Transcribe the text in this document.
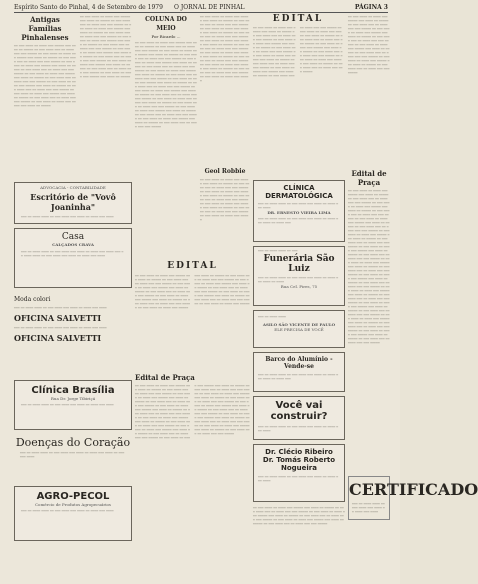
Espírito Santo do Pinhal, 4 de Setembro de 1979 O JORNAL DE PINHAL	PÁGINA 3
Antigas Famílias Pinhalenses
━━ ━━━ ━━━━ ━━ ━━━━ ━━━ ━━━━━ ━━━ ━━━━ ━━ ━━━━━ ━━ ━━━ ━━━━ ━━━ ━━ ━━━━ ━━━ ━━━ ━━━━━ ━━ ━━━ ━━━━ ━━ ━━━━ ━━━ ━━━━━ ━━━ ━━━━ ━━ ━━━━━ ━━ ━━━ ━━━━ ━━━ ━━ ━━━━ ━━━ ━━━ ━━━━━ ━━ ━━━ ━━━━ ━━ ━━━━ ━━━ ━━━━━ ━━━ ━━━━ ━━ ━━━━━ ━━ ━━━ ━━━━ ━━━ ━━ ━━━━ ━━━ ━━━ ━━━━━ ━━ ━━━ ━━━━ ━━ ━━━━ ━━━ ━━━━━ ━━━ ━━━━ ━━ ━━━━━ ━━ ━━━ ━━━━ ━━━ ━━ ━━━━ ━━━ ━━━ ━━━━━ ━━ ━━━ ━━━━ ━━ ━━━━ ━━━ ━━━━━ ━━━ ━━━━ ━━ ━━━━━ ━━ ━━━ ━━━━ ━━━ ━━ ━━━━ ━━━ ━━━ ━━━━━ ━━ ━━━ ━━━━ ━━ ━━━━ ━━━ ━━━━━ ━━━ ━━━━ ━━ ━━━━━ ━━ ━━━ ━━━━ ━━━ ━━ ━━━━ ━━━ ━━━ ━━━━━ ━━ ━━━ ━━━━ ━━ ━━━━ ━━━ ━━━━━ ━━━ ━━━━ ━━ ━━━━━
━━ ━━━ ━━━━ ━━ ━━━━ ━━━ ━━━━━ ━━━ ━━━━ ━━ ━━━━━ ━━ ━━━ ━━━━ ━━━ ━━ ━━━━ ━━━ ━━━ ━━━━━ ━━ ━━━ ━━━━ ━━ ━━━━ ━━━ ━━━━━ ━━━ ━━━━ ━━ ━━━━━ ━━ ━━━ ━━━━ ━━━ ━━ ━━━━ ━━━ ━━━ ━━━━━ ━━ ━━━ ━━━━ ━━ ━━━━ ━━━ ━━━━━ ━━━ ━━━━ ━━ ━━━━━ ━━ ━━━ ━━━━ ━━━ ━━ ━━━━ ━━━ ━━━ ━━━━━ ━━ ━━━ ━━━━ ━━ ━━━━ ━━━ ━━━━━ ━━━ ━━━━ ━━ ━━━━━ ━━ ━━━ ━━━━ ━━━ ━━ ━━━━ ━━━ ━━━ ━━━━━ ━━ ━━━ ━━━━ ━━ ━━━━ ━━━ ━━━━━ ━━━ ━━━━ ━━ ━━━━━ ━━ ━━━ ━━━━ ━━━ ━━ ━━━━ ━━━ ━━━ ━━━━━ ━━ ━━━ ━━━━ ━━ ━━━━ ━━━ ━━━━━ ━━━ ━━━━ ━━ ━━━━━
ADVOCACIA - CONTABILIDADE
Escritório de "Vovô Joaninha"
━━━ ━━ ━━━━ ━━━━ ━━ ━━━ ━━━━ ━━━ ━━━━ ━━ ━━━━ ━━━ ━━━━
Casa
CALÇADOS CRAVA
━━━ ━━ ━━━━ ━━━━ ━━ ━━━ ━━━━ ━━━ ━━━━ ━━ ━━━━ ━━━ ━━━━ ━━━ ━━ ━━━━ ━━━━ ━━ ━━━ ━━━━ ━━━ ━━━━ ━━ ━━━━ ━━━ ━━━━
Moda colori
━━━ ━━ ━━━━ ━━━━ ━━ ━━━ ━━━━ ━━━ ━━━━ ━━ ━━━━ ━━━ ━━━━
OFICINA SALVETTI
━━━ ━━ ━━━━ ━━━━ ━━ ━━━ ━━━━ ━━━ ━━━━ ━━ ━━━━ ━━━ ━━━━
OFICINA SALVETTI
Clínica Brasília
Rua Dr. Jorge Tibiriçá
━━━ ━━ ━━━━ ━━━━ ━━ ━━━ ━━━━ ━━━ ━━━━ ━━ ━━━━ ━━━ ━━━━
Doenças do Coração
━━━ ━━ ━━━━ ━━━━ ━━ ━━━ ━━━━ ━━━ ━━━━ ━━ ━━━━ ━━━ ━━━━ ━━ ━━━ ━━━ ━━━━
AGRO-PECOL
Comércio de Produtos Agropecuários
━━━ ━━ ━━━━ ━━━━ ━━ ━━━ ━━━━ ━━━ ━━━━ ━━ ━━━━ ━━━ ━━━━
COLUNA DO MEIO
Por Ricardo ...
━━ ━━━ ━━━━ ━━ ━━━━ ━━━ ━━━━━ ━━━ ━━━━ ━━ ━━━━━ ━━ ━━━ ━━━━ ━━━ ━━ ━━━━ ━━━ ━━━ ━━━━━ ━━ ━━━ ━━━━ ━━ ━━━━ ━━━ ━━━━━ ━━━ ━━━━ ━━ ━━━━━ ━━ ━━━ ━━━━ ━━━ ━━ ━━━━ ━━━ ━━━ ━━━━━ ━━ ━━━ ━━━━ ━━ ━━━━ ━━━ ━━━━━ ━━━ ━━━━ ━━ ━━━━━ ━━ ━━━ ━━━━ ━━━ ━━ ━━━━ ━━━ ━━━ ━━━━━ ━━ ━━━ ━━━━ ━━ ━━━━ ━━━ ━━━━━ ━━━ ━━━━ ━━ ━━━━━ ━━ ━━━ ━━━━ ━━━ ━━ ━━━━ ━━━ ━━━ ━━━━━ ━━ ━━━ ━━━━ ━━ ━━━━ ━━━ ━━━━━ ━━━ ━━━━ ━━ ━━━━━ ━━ ━━━ ━━━━ ━━━ ━━ ━━━━ ━━━ ━━━ ━━━━━ ━━ ━━━ ━━━━ ━━ ━━━━ ━━━ ━━━━━ ━━━ ━━━━ ━━ ━━━━━ ━━ ━━━ ━━━━ ━━━ ━━ ━━━━ ━━━ ━━━ ━━━━━ ━━ ━━━ ━━━━ ━━ ━━━━ ━━━ ━━━━━ ━━━ ━━━━ ━━ ━━━━━ ━━ ━━━ ━━━━ ━━━ ━━ ━━━━ ━━━ ━━━ ━━━━━ ━━ ━━━ ━━━━ ━━ ━━━━ ━━━ ━━━━━ ━━━ ━━━━ ━━ ━━━━━ ━━ ━━━ ━━━━ ━━━ ━━ ━━━━ ━━━ ━━━ ━━━━━ ━━ ━━━ ━━━━ ━━ ━━━━ ━━━ ━━━━━ ━━━ ━━━━ ━━ ━━━━━ ━━ ━━━ ━━━━ ━━━ ━━ ━━━━ ━━━ ━━━ ━━━━━
━━ ━━━ ━━━━ ━━ ━━━━ ━━━ ━━━━━ ━━━ ━━━━ ━━ ━━━━━ ━━ ━━━ ━━━━ ━━━ ━━ ━━━━ ━━━ ━━━ ━━━━━ ━━ ━━━ ━━━━ ━━ ━━━━ ━━━ ━━━━━ ━━━ ━━━━ ━━ ━━━━━ ━━ ━━━ ━━━━ ━━━ ━━ ━━━━ ━━━ ━━━ ━━━━━ ━━ ━━━ ━━━━ ━━ ━━━━ ━━━ ━━━━━ ━━━ ━━━━ ━━ ━━━━━ ━━ ━━━ ━━━━ ━━━ ━━ ━━━━ ━━━ ━━━ ━━━━━ ━━ ━━━ ━━━━ ━━ ━━━━ ━━━ ━━━━━ ━━━ ━━━━ ━━ ━━━━━ ━━ ━━━ ━━━━ ━━━ ━━ ━━━━ ━━━ ━━━ ━━━━━ ━━ ━━━ ━━━━ ━━ ━━━━ ━━━ ━━━━━ ━━━ ━━━━ ━━ ━━━━━ ━━ ━━━ ━━━━ ━━━ ━━ ━━━━ ━━━ ━━━ ━━━━━ ━━ ━━━ ━━━━ ━━ ━━━━ ━━━ ━━━━━
Geol Robbie
━━ ━━━ ━━━━ ━━ ━━━━ ━━━ ━━━━━ ━━━ ━━━━ ━━ ━━━━━ ━━ ━━━ ━━━━ ━━━ ━━ ━━━━ ━━━ ━━━ ━━━━━ ━━ ━━━ ━━━━ ━━ ━━━━ ━━━ ━━━━━ ━━━ ━━━━ ━━ ━━━━━ ━━ ━━━ ━━━━ ━━━ ━━ ━━━━ ━━━ ━━━ ━━━━━ ━━ ━━━ ━━━━ ━━ ━━━━ ━━━ ━━━━━ ━━━ ━━━━ ━━ ━━━━━ ━━ ━━━ ━━━━ ━━━ ━━ ━━━━ ━━━ ━━━ ━━━━━ ━━ ━━━ ━━━━ ━━ ━━━━ ━━━ ━━━━━
EDITAL
━━ ━━━ ━━━━ ━━ ━━━━ ━━━ ━━━━━ ━━━ ━━━━ ━━ ━━━━━ ━━ ━━━ ━━━━ ━━━ ━━ ━━━━ ━━━ ━━━ ━━━━━ ━━ ━━━ ━━━━ ━━ ━━━━ ━━━ ━━━━━ ━━━ ━━━━ ━━ ━━━━━ ━━ ━━━ ━━━━ ━━━ ━━ ━━━━ ━━━ ━━━ ━━━━━ ━━ ━━━ ━━━━ ━━ ━━━━ ━━━ ━━━━━ ━━━ ━━━━ ━━ ━━━━━ ━━ ━━━ ━━━━ ━━━ ━━ ━━━━ ━━━ ━━━ ━━━━━ ━━ ━━━ ━━━━ ━━ ━━━━ ━━━ ━━━━━ ━━━ ━━━━ ━━ ━━━━━ ━━ ━━━ ━━━━ ━━━ ━━ ━━━━ ━━━ ━━━ ━━━━━ ━━ ━━━ ━━━━ ━━ ━━━━ ━━━ ━━━━━ ━━━ ━━━━ ━━ ━━━━━ ━━ ━━━ ━━━━ ━━━ ━━ ━━━━ ━━━ ━━━ ━━━━━ ━━ ━━━ ━━━━ ━━ ━━━━ ━━━ ━━━━━ ━━━ ━━━━ ━━ ━━━━━ ━━ ━━━ ━━━━ ━━━ ━━ ━━━━ ━━━ ━━━ ━━━━━ ━━ ━━━ ━━━━ ━━ ━━━━ ━━━ ━━━━━
Edital de Praça
━━ ━━━ ━━━━ ━━ ━━━━ ━━━ ━━━━━ ━━━ ━━━━ ━━ ━━━━━ ━━ ━━━ ━━━━ ━━━ ━━ ━━━━ ━━━ ━━━ ━━━━━ ━━ ━━━ ━━━━ ━━ ━━━━ ━━━ ━━━━━ ━━━ ━━━━ ━━ ━━━━━ ━━ ━━━ ━━━━ ━━━ ━━ ━━━━ ━━━ ━━━ ━━━━━ ━━ ━━━ ━━━━ ━━ ━━━━ ━━━ ━━━━━ ━━━ ━━━━ ━━ ━━━━━ ━━ ━━━ ━━━━ ━━━ ━━ ━━━━ ━━━ ━━━ ━━━━━ ━━ ━━━ ━━━━ ━━ ━━━━ ━━━ ━━━━━ ━━━ ━━━━ ━━ ━━━━━ ━━ ━━━ ━━━━ ━━━ ━━ ━━━━ ━━━ ━━━ ━━━━━ ━━ ━━━ ━━━━ ━━ ━━━━ ━━━ ━━━━━ ━━━ ━━━━ ━━ ━━━━━ ━━ ━━━ ━━━━ ━━━ ━━ ━━━━ ━━━ ━━━ ━━━━━ ━━ ━━━ ━━━━ ━━ ━━━━ ━━━ ━━━━━ ━━━ ━━━━ ━━ ━━━━━ ━━ ━━━ ━━━━ ━━━ ━━ ━━━━ ━━━ ━━━ ━━━━━ ━━ ━━━ ━━━━ ━━ ━━━━ ━━━ ━━━━━ ━━━ ━━━━ ━━ ━━━━━ ━━ ━━━ ━━━━ ━━━ ━━ ━━━━ ━━━ ━━━ ━━━━━ ━━ ━━━ ━━━━ ━━ ━━━━ ━━━ ━━━━━ ━━━ ━━━━ ━━ ━━━━━ ━━ ━━━ ━━━━ ━━━ ━━ ━━━━ ━━━ ━━━ ━━━━━ ━━ ━━━ ━━━━ ━━ ━━━━ ━━━ ━━━━━ ━━━ ━━━━ ━━ ━━━━━ ━━ ━━━ ━━━━ ━━━ ━━ ━━━━ ━━━ ━━━ ━━━━━ ━━ ━━━ ━━━━ ━━ ━━━━ ━━━ ━━━━━ ━━━ ━━━━ ━━ ━━━━━ ━━ ━━━ ━━━━ ━━━ ━━ ━━━━ ━━━ ━━━ ━━━━━
EDITAL
━━ ━━━ ━━━━ ━━ ━━━━ ━━━ ━━━━━ ━━━ ━━━━ ━━ ━━━━━ ━━ ━━━ ━━━━ ━━━ ━━ ━━━━ ━━━ ━━━ ━━━━━ ━━ ━━━ ━━━━ ━━ ━━━━ ━━━ ━━━━━ ━━━ ━━━━ ━━ ━━━━━ ━━ ━━━ ━━━━ ━━━ ━━ ━━━━ ━━━ ━━━ ━━━━━ ━━ ━━━ ━━━━ ━━ ━━━━ ━━━ ━━━━━ ━━━ ━━━━ ━━ ━━━━━ ━━ ━━━ ━━━━ ━━━ ━━ ━━━━ ━━━ ━━━ ━━━━━ ━━ ━━━ ━━━━ ━━ ━━━━ ━━━ ━━━━━ ━━━ ━━━━ ━━ ━━━━━ ━━ ━━━ ━━━━ ━━━ ━━ ━━━━ ━━━ ━━━ ━━━━━ ━━ ━━━ ━━━━ ━━ ━━━━ ━━━ ━━━━━ ━━━ ━━━━ ━━ ━━━━━ ━━ ━━━ ━━━━ ━━━ ━━ ━━━━ ━━━ ━━━ ━━━━━ ━━ ━━━ ━━━━ ━━ ━━━━ ━━━ ━━━━━ ━━━ ━━━━ ━━ ━━━━━ ━━ ━━━ ━━━━ ━━━ ━━ ━━━━ ━━━ ━━━ ━━━━━ ━━ ━━━ ━━━━ ━━ ━━━━ ━━━ ━━━━━ ━━━ ━━━━ ━━ ━━━━━ ━━ ━━━ ━━━━ ━━━ ━━ ━━━━ ━━━ ━━━ ━━━━━
CLÍNICA DERMATOLÓGICA
━━━ ━━ ━━━━ ━━━━ ━━ ━━━ ━━━━ ━━━ ━━━━ ━━ ━━━━ ━━━ ━━━━
DR. ERNESTO VIEIRA LIMA
━━━ ━━ ━━━━ ━━━━ ━━ ━━━ ━━━━ ━━━ ━━━━ ━━ ━━━━ ━━━ ━━━━ ━━ ━━━━ ━━━
━━━ ━━ ━━━━ ━━━━ ━━ ━━━
Funerária São Luiz
━━━ ━━ ━━━━ ━━━━ ━━ ━━━ ━━━━ ━━━ ━━━━ ━━ ━━━━ ━━━ ━━━━ ━━ ━━━━
Rua Cel. Pires, 75
━━━ ━━ ━━━━ ━━━━
ASILO SÃO VICENTE DE PAULO
ELE PRECISA DE VOCÊ
Barco do Alumínio - Vende-se
━━━ ━━ ━━━━ ━━━━ ━━ ━━━ ━━━━ ━━━ ━━━━ ━━ ━━━━ ━━━ ━━━━ ━━ ━━━━ ━━━
Você vai construir?
━━━ ━━ ━━━━ ━━━━ ━━ ━━━ ━━━━ ━━━ ━━━━ ━━ ━━━━ ━━━ ━━━━
Dr. Clécio Ribeiro
Dr. Tomás Roberto Nogueira
━━━ ━━ ━━━━ ━━━━ ━━ ━━━ ━━━━ ━━━ ━━━━ ━━ ━━━━ ━━━ ━━━━
━━ ━━━ ━━━━ ━━ ━━━━ ━━━ ━━━━━ ━━━ ━━━━ ━━ ━━━━━ ━━ ━━━ ━━━━ ━━━ ━━ ━━━━ ━━━ ━━━ ━━━━━ ━━ ━━━ ━━━━ ━━ ━━━━ ━━━ ━━━━━ ━━━ ━━━━ ━━ ━━━━━ ━━ ━━━ ━━━━ ━━━ ━━ ━━━━ ━━━ ━━━ ━━━━━ ━━ ━━━ ━━━━ ━━ ━━━━ ━━━ ━━━━━ ━━━ ━━━━ ━━ ━━━━━ ━━ ━━━ ━━━━ ━━━ ━━ ━━━━ ━━━ ━━━ ━━━━━
━━ ━━━ ━━━━ ━━ ━━━━ ━━━ ━━━━━ ━━━ ━━━━ ━━ ━━━━━ ━━ ━━━ ━━━━ ━━━ ━━ ━━━━ ━━━ ━━━ ━━━━━ ━━ ━━━ ━━━━ ━━ ━━━━ ━━━ ━━━━━ ━━━ ━━━━ ━━ ━━━━━ ━━ ━━━ ━━━━ ━━━ ━━ ━━━━ ━━━ ━━━ ━━━━━ ━━ ━━━ ━━━━ ━━ ━━━━ ━━━ ━━━━━ ━━━ ━━━━ ━━ ━━━━━ ━━ ━━━ ━━━━ ━━━ ━━ ━━━━ ━━━ ━━━ ━━━━━ ━━ ━━━ ━━━━ ━━ ━━━━ ━━━ ━━━━━ ━━━ ━━━━ ━━ ━━━━━ ━━ ━━━ ━━━━ ━━━ ━━ ━━━━ ━━━ ━━━ ━━━━━
Edital de Praça
━━ ━━━ ━━━━ ━━ ━━━━ ━━━ ━━━━━ ━━━ ━━━━ ━━ ━━━━━ ━━ ━━━ ━━━━ ━━━ ━━ ━━━━ ━━━ ━━━ ━━━━━ ━━ ━━━ ━━━━ ━━ ━━━━ ━━━ ━━━━━ ━━━ ━━━━ ━━ ━━━━━ ━━ ━━━ ━━━━ ━━━ ━━ ━━━━ ━━━ ━━━ ━━━━━ ━━ ━━━ ━━━━ ━━ ━━━━ ━━━ ━━━━━ ━━━ ━━━━ ━━ ━━━━━ ━━ ━━━ ━━━━ ━━━ ━━ ━━━━ ━━━ ━━━ ━━━━━ ━━ ━━━ ━━━━ ━━ ━━━━ ━━━ ━━━━━ ━━━ ━━━━ ━━ ━━━━━ ━━ ━━━ ━━━━ ━━━ ━━ ━━━━ ━━━ ━━━ ━━━━━ ━━ ━━━ ━━━━ ━━ ━━━━ ━━━ ━━━━━ ━━━ ━━━━ ━━ ━━━━━ ━━ ━━━ ━━━━ ━━━ ━━ ━━━━ ━━━ ━━━ ━━━━━ ━━ ━━━ ━━━━ ━━ ━━━━ ━━━ ━━━━━ ━━━ ━━━━ ━━ ━━━━━ ━━ ━━━ ━━━━ ━━━ ━━ ━━━━ ━━━ ━━━ ━━━━━ ━━ ━━━ ━━━━ ━━ ━━━━ ━━━ ━━━━━ ━━━ ━━━━ ━━ ━━━━━ ━━ ━━━ ━━━━ ━━━ ━━ ━━━━ ━━━ ━━━ ━━━━━ ━━ ━━━ ━━━━ ━━ ━━━━ ━━━ ━━━━━ ━━━ ━━━━ ━━ ━━━━━ ━━ ━━━ ━━━━ ━━━ ━━ ━━━━ ━━━ ━━━ ━━━━━ ━━ ━━━ ━━━━ ━━ ━━━━ ━━━ ━━━━━ ━━━ ━━━━ ━━ ━━━━━ ━━ ━━━ ━━━━ ━━━ ━━ ━━━━ ━━━ ━━━ ━━━━━ ━━ ━━━ ━━━━ ━━ ━━━━ ━━━ ━━━━━ ━━━ ━━━━ ━━ ━━━━━ ━━ ━━━ ━━━━ ━━━ ━━ ━━━━ ━━━ ━━━ ━━━━━ ━━ ━━━ ━━━━ ━━ ━━━━ ━━━ ━━━━━ ━━━ ━━━━ ━━ ━━━━━ ━━ ━━━ ━━━━ ━━━ ━━ ━━━━ ━━━ ━━━ ━━━━━
CERTIFICADO
━━━ ━━ ━━━━ ━━━━ ━━ ━━━ ━━━━ ━━━ ━━━━ ━━ ━━━━ ━━━ ━━━━
